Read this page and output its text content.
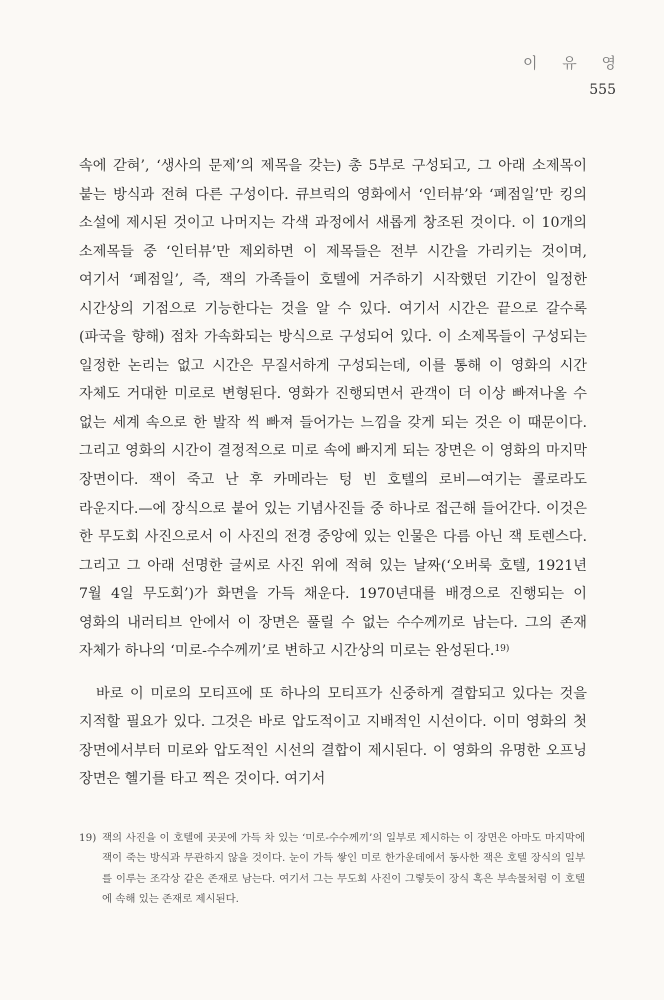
이 유 영
555

속에 갇혀’, ‘생사의 문제’의 제목을 갖는) 총 5부로 구성되고, 그 아래 소제목이 붙는 방식과 전혀 다른 구성이다. 큐브릭의 영화에서 ‘인터뷰’와 ‘폐점일’만 킹의 소설에 제시된 것이고 나머지는 각색 과정에서 새롭게 창조된 것이다. 이 10개의 소제목들 중 ‘인터뷰’만 제외하면 이 제목들은 전부 시간을 가리키는 것이며, 여기서 ‘폐점일’, 즉, 잭의 가족들이 호텔에 거주하기 시작했던 기간이 일정한 시간상의 기점으로 기능한다는 것을 알 수 있다. 여기서 시간은 끝으로 갈수록 (파국을 향해) 점차 가속화되는 방식으로 구성되어 있다. 이 소제목들이 구성되는 일정한 논리는 없고 시간은 무질서하게 구성되는데, 이를 통해 이 영화의 시간 자체도 거대한 미로로 변형된다. 영화가 진행되면서 관객이 더 이상 빠져나올 수 없는 세계 속으로 한 발작 씩 빠져 들어가는 느낌을 갖게 되는 것은 이 때문이다. 그리고 영화의 시간이 결정적으로 미로 속에 빠지게 되는 장면은 이 영화의 마지막 장면이다. 잭이 죽고 난 후 카메라는 텅 빈 호텔의 로비—여기는 콜로라도 라운지다.—에 장식으로 붙어 있는 기념사진들 중 하나로 접근해 들어간다. 이것은 한 무도회 사진으로서 이 사진의 전경 중앙에 있는 인물은 다름 아닌 잭 토렌스다. 그리고 그 아래 선명한 글씨로 사진 위에 적혀 있는 날짜(‘오버룩 호텔, 1921년 7월 4일 무도회’)가 화면을 가득 채운다. 1970년대를 배경으로 진행되는 이 영화의 내러티브 안에서 이 장면은 풀릴 수 없는 수수께끼로 남는다. 그의 존재 자체가 하나의 ‘미로-수수께끼’로 변하고 시간상의 미로는 완성된다.$^{19)}$

바로 이 미로의 모티프에 또 하나의 모티프가 신중하게 결합되고 있다는 것을 지적할 필요가 있다. 그것은 바로 압도적이고 지배적인 시선이다. 이미 영화의 첫 장면에서부터 미로와 압도적인 시선의 결합이 제시된다. 이 영화의 유명한 오프닝 장면은 헬기를 타고 찍은 것이다. 여기서

19) 잭의 사진을 이 호텔에 곳곳에 가득 차 있는 ‘미로-수수께끼’의 일부로 제시하는 이 장면은 아마도 마지막에 잭이 죽는 방식과 무관하지 않을 것이다. 눈이 가득 쌓인 미로 한가운데에서 동사한 잭은 호텔 장식의 일부를 이루는 조각상 같은 존재로 남는다. 여기서 그는 무도회 사진이 그렇듯이 장식 혹은 부속물처럼 이 호텔에 속해 있는 존재로 제시된다.
